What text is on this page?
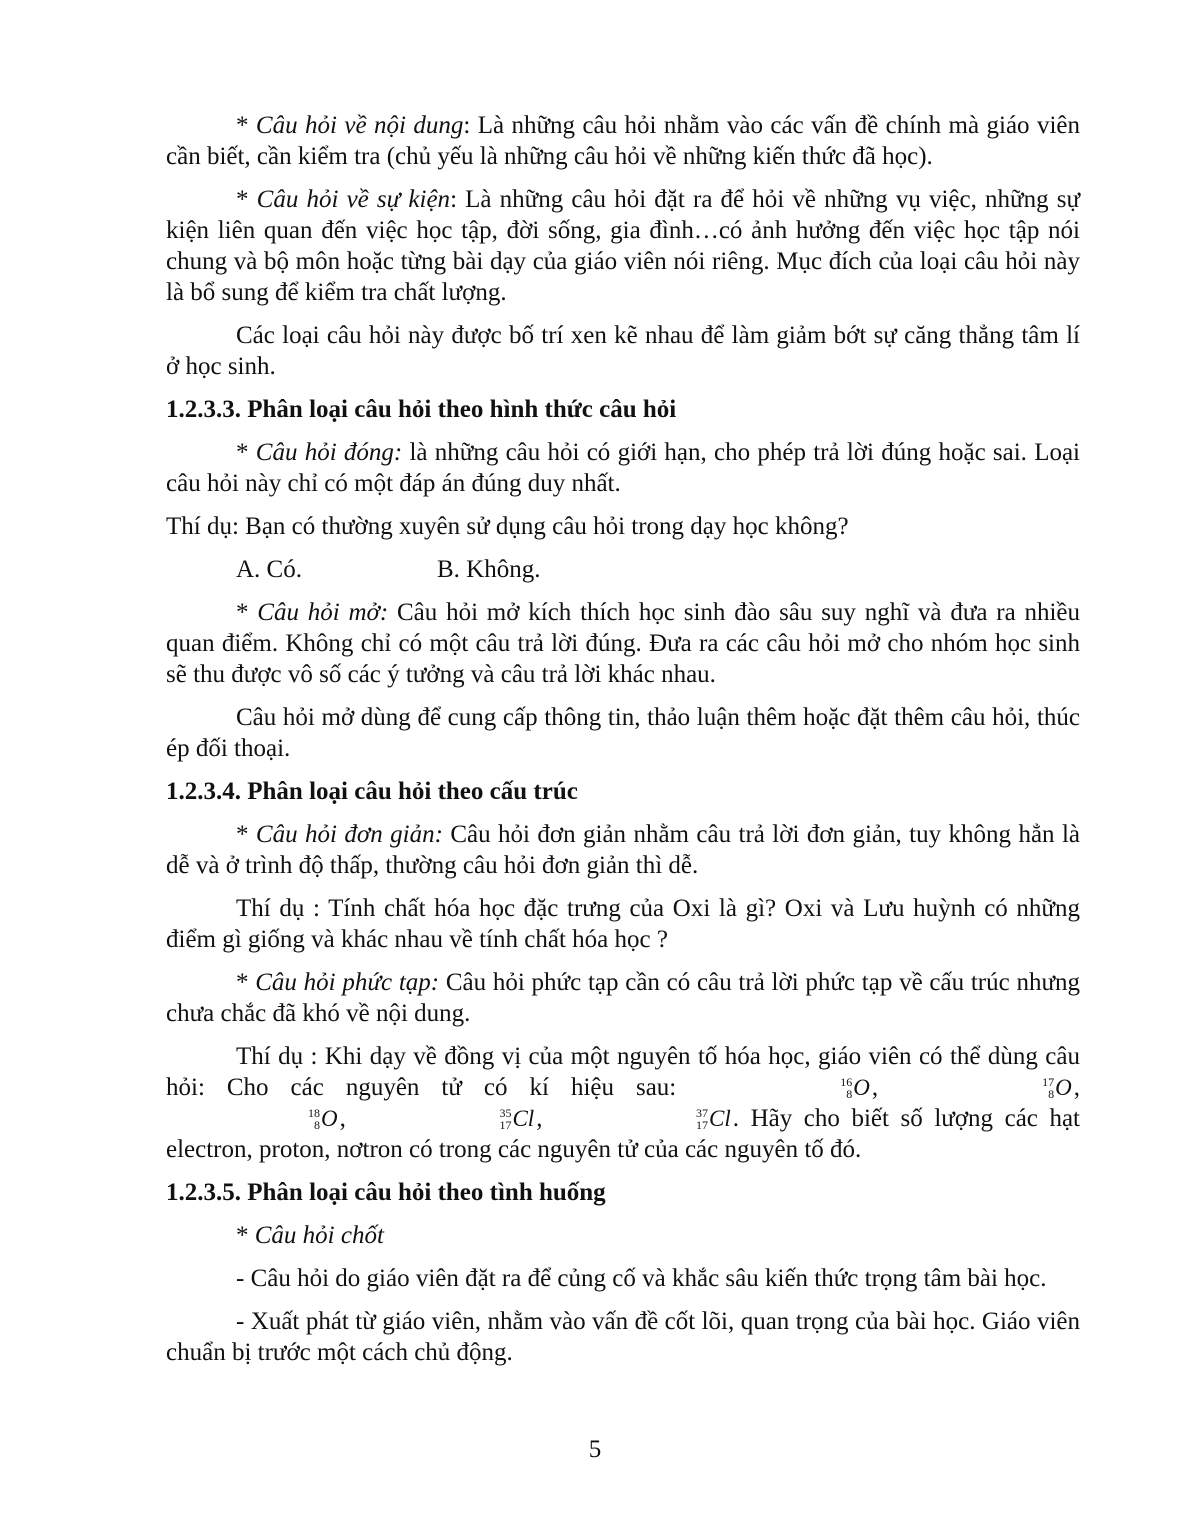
* Câu hỏi về nội dung: Là những câu hỏi nhằm vào các vấn đề chính mà giáo viên cần biết, cần kiểm tra (chủ yếu là những câu hỏi về những kiến thức đã học).

* Câu hỏi về sự kiện: Là những câu hỏi đặt ra để hỏi về những vụ việc, những sự kiện liên quan đến việc học tập, đời sống, gia đình…có ảnh hưởng đến việc học tập nói chung và bộ môn hoặc từng bài dạy của giáo viên nói riêng. Mục đích của loại câu hỏi này là bổ sung để kiểm tra chất lượng.

Các loại câu hỏi này được bố trí xen kẽ nhau để làm giảm bớt sự căng thẳng tâm lí ở học sinh.

1.2.3.3. Phân loại câu hỏi theo hình thức câu hỏi

* Câu hỏi đóng: là những câu hỏi có giới hạn, cho phép trả lời đúng hoặc sai. Loại câu hỏi này chỉ có một đáp án đúng duy nhất.

Thí dụ: Bạn có thường xuyên sử dụng câu hỏi trong dạy học không?

A. Có.	B. Không.

* Câu hỏi mở: Câu hỏi mở kích thích học sinh đào sâu suy nghĩ và đưa ra nhiều quan điểm. Không chỉ có một câu trả lời đúng. Đưa ra các câu hỏi mở cho nhóm học sinh sẽ thu được vô số các ý tưởng và câu trả lời khác nhau.

Câu hỏi mở dùng để cung cấp thông tin, thảo luận thêm hoặc đặt thêm câu hỏi, thúc ép đối thoại.

1.2.3.4. Phân loại câu hỏi theo cấu trúc

* Câu hỏi đơn giản: Câu hỏi đơn giản nhằm câu trả lời đơn giản, tuy không hẳn là dễ và ở trình độ thấp, thường câu hỏi đơn giản thì dễ.

Thí dụ : Tính chất hóa học đặc trưng của Oxi là gì? Oxi và Lưu huỳnh có những điểm gì giống và khác nhau về tính chất hóa học ?

* Câu hỏi phức tạp: Câu hỏi phức tạp cần có câu trả lời phức tạp về cấu trúc nhưng chưa chắc đã khó về nội dung.

Thí dụ : Khi dạy về đồng vị của một nguyên tố hóa học, giáo viên có thể dùng câu hỏi: Cho các nguyên tử có kí hiệu sau:	16
8 O,	17
8 O,
18
8 O,	35
17 Cl,	37
17 Cl. Hãy cho biết số lượng các hạt electron, proton, nơtron có trong các nguyên tử của các nguyên tố đó.

1.2.3.5. Phân loại câu hỏi theo tình huống

* Câu hỏi chốt

- Câu hỏi do giáo viên đặt ra để củng cố và khắc sâu kiến thức trọng tâm bài học.

- Xuất phát từ giáo viên, nhằm vào vấn đề cốt lõi, quan trọng của bài học. Giáo viên chuẩn bị trước một cách chủ động.

5
